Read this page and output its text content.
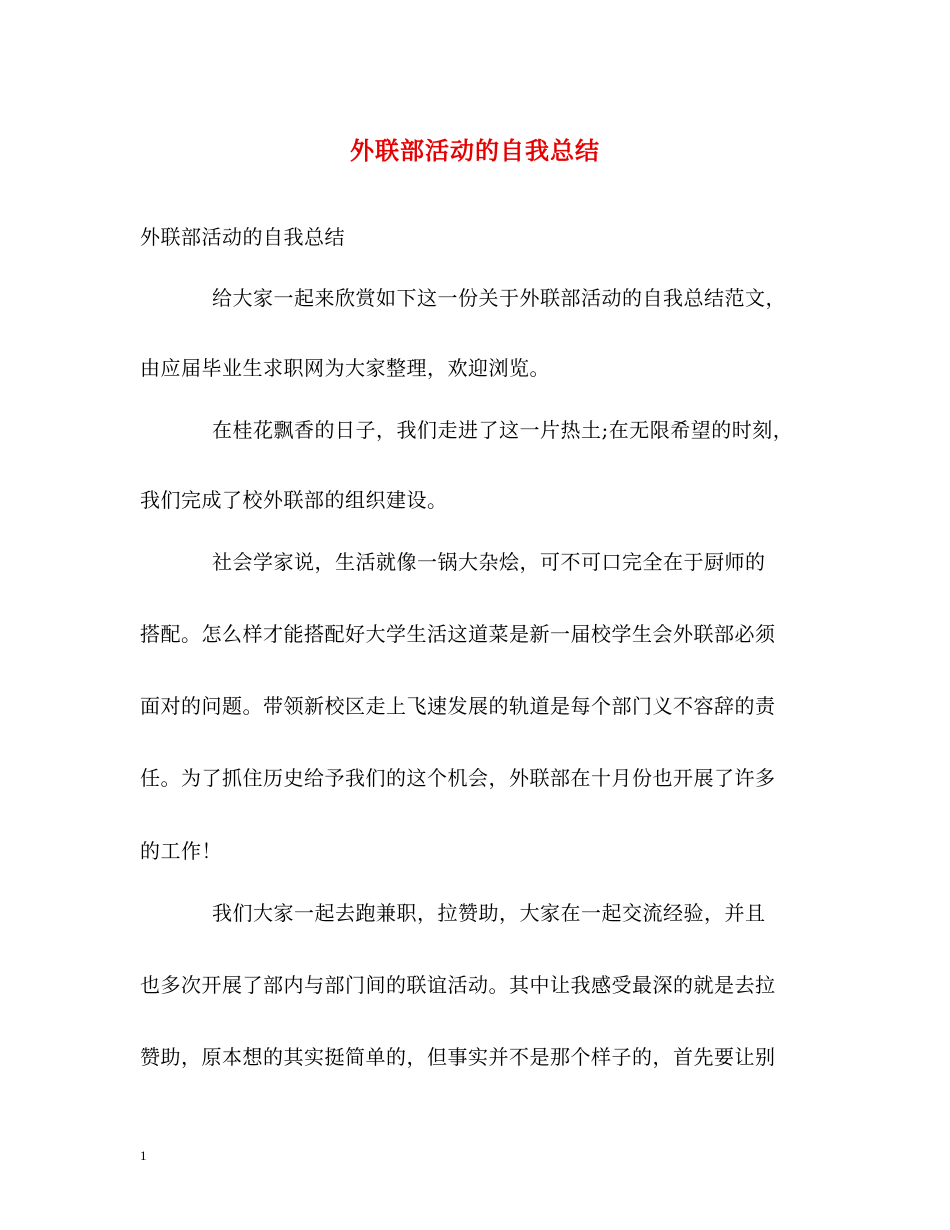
外联部活动的自我总结
外联部活动的自我总结
给大家一起来欣赏如下这一份关于外联部活动的自我总结范文，
由应届毕业生求职网为大家整理，欢迎浏览。
在桂花飘香的日子，我们走进了这一片热土;在无限希望的时刻，
我们完成了校外联部的组织建设。
社会学家说，生活就像一锅大杂烩，可不可口完全在于厨师的
搭配。怎么样才能搭配好大学生活这道菜是新一届校学生会外联部必须
面对的问题。带领新校区走上飞速发展的轨道是每个部门义不容辞的责
任。为了抓住历史给予我们的这个机会，外联部在十月份也开展了许多
的工作！
我们大家一起去跑兼职，拉赞助，大家在一起交流经验，并且
也多次开展了部内与部门间的联谊活动。其中让我感受最深的就是去拉
赞助，原本想的其实挺简单的，但事实并不是那个样子的，首先要让别
1
